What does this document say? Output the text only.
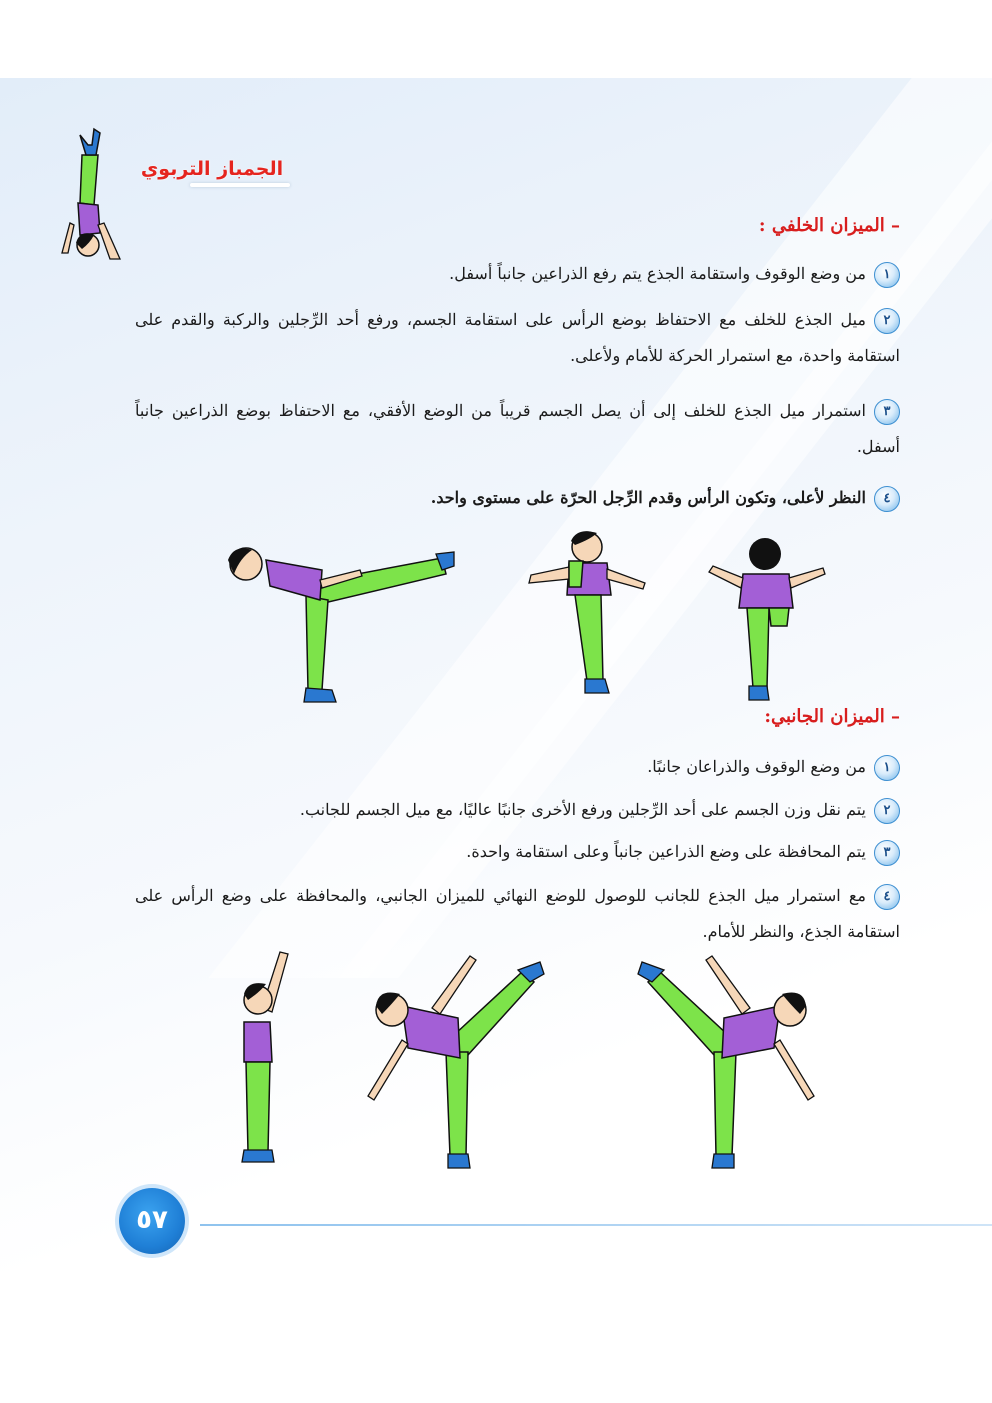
الجمباز التربوي
– الميزان الخلفي :
١من وضع الوقوف واستقامة الجذع يتم رفع الذراعين جانباً أسفل.
٢ميل الجذع للخلف مع الاحتفاظ بوضع الرأس على استقامة الجسم، ورفع أحد الرِّجلين والركبة والقدم على استقامة واحدة، مع استمرار الحركة للأمام ولأعلى.
٣استمرار ميل الجذع للخلف إلى أن يصل الجسم قريباً من الوضع الأفقي، مع الاحتفاظ بوضع الذراعين جانباً أسفل.
٤النظر لأعلى، وتكون الرأس وقدم الرِّجل الحرّة على مستوى واحد.
– الميزان الجانبي:
١من وضع الوقوف والذراعان جانبًا.
٢يتم نقل وزن الجسم على أحد الرِّجلين ورفع الأخرى جانبًا عاليًا، مع ميل الجسم للجانب.
٣يتم المحافظة على وضع الذراعين جانباً وعلى استقامة واحدة.
٤مع استمرار ميل الجذع للجانب للوصول للوضع النهائي للميزان الجانبي، والمحافظة على وضع الرأس على استقامة الجذع، والنظر للأمام.
٥٧
